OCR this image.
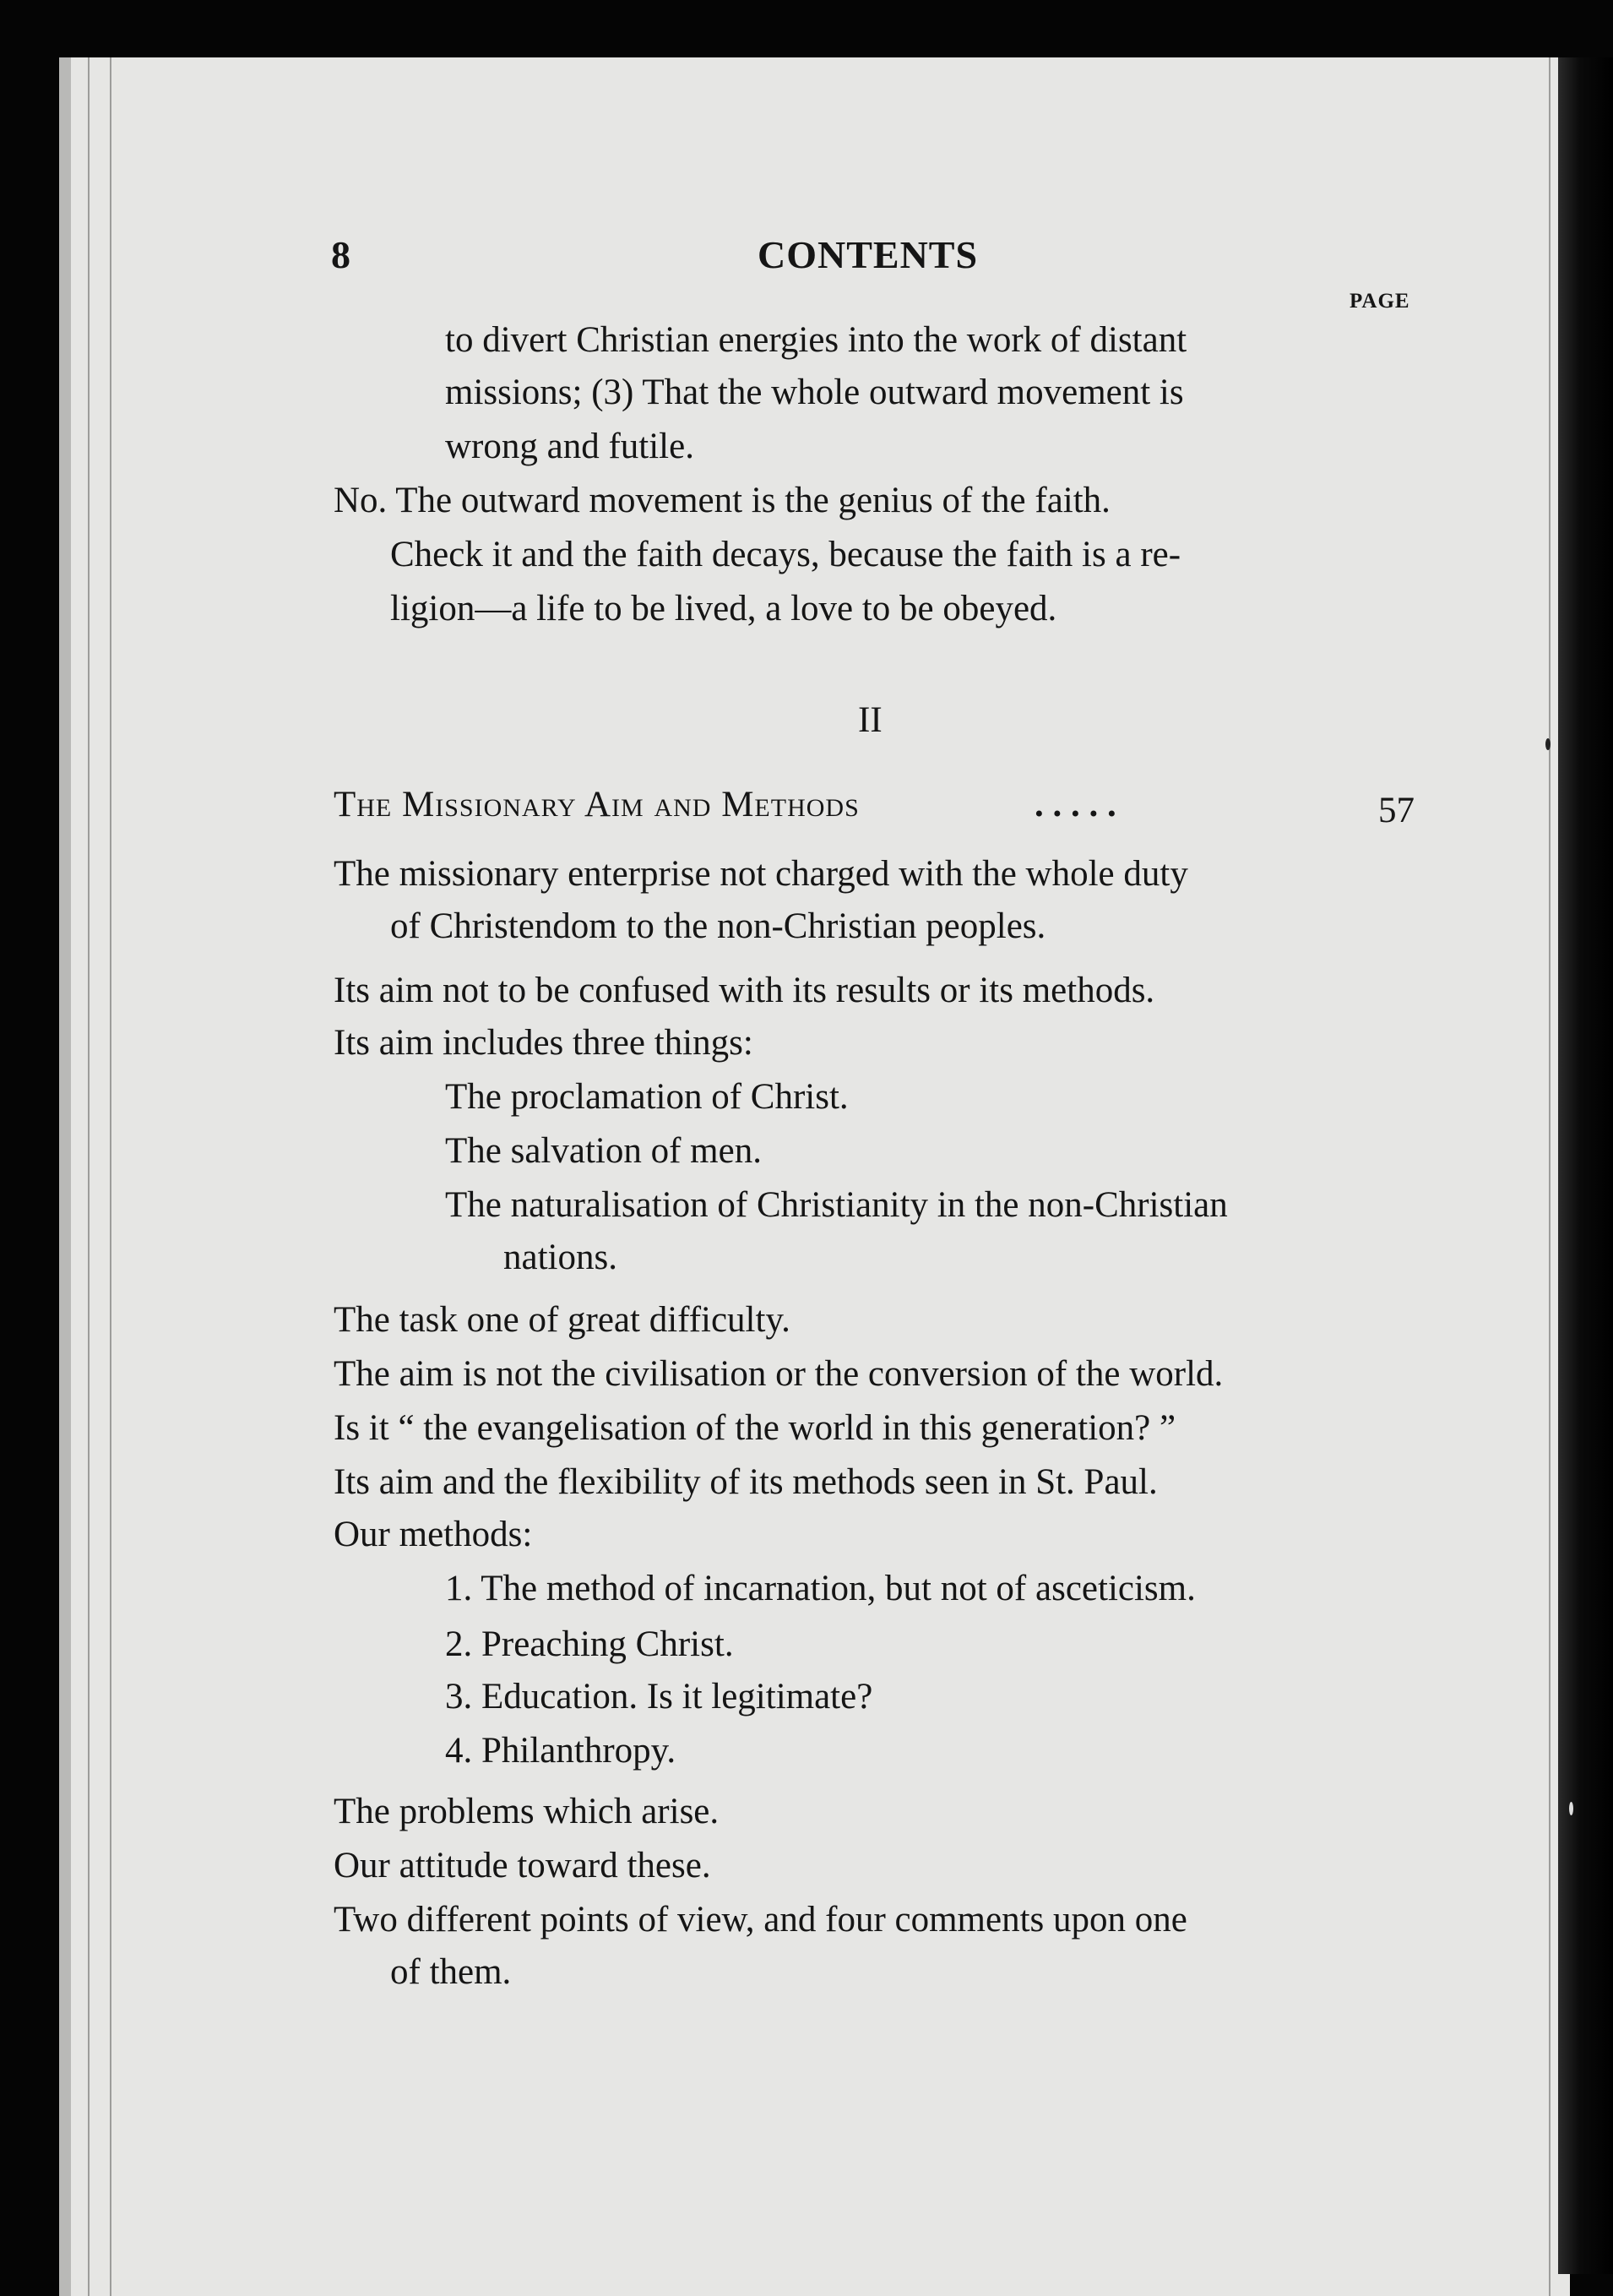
8	CONTENTS
PAGE
to divert Christian energies into the work of distant
missions; (3) That the whole outward movement is
wrong and futile.
No. The outward movement is the genius of the faith.
Check it and the faith decays, because the faith is a re-
ligion—a life to be lived, a love to be obeyed.
II
The Missionary Aim and Methods	. . . . .	57
The missionary enterprise not charged with the whole duty
of Christendom to the non-Christian peoples.
Its aim not to be confused with its results or its methods.
Its aim includes three things:
The proclamation of Christ.
The salvation of men.
The naturalisation of Christianity in the non-Christian
nations.
The task one of great difficulty.
The aim is not the civilisation or the conversion of the world.
Is it “ the evangelisation of the world in this generation? ”
Its aim and the flexibility of its methods seen in St. Paul.
Our methods:
1. The method of incarnation, but not of asceticism.
2. Preaching Christ.
3. Education. Is it legitimate?
4. Philanthropy.
The problems which arise.
Our attitude toward these.
Two different points of view, and four comments upon one
of them.
